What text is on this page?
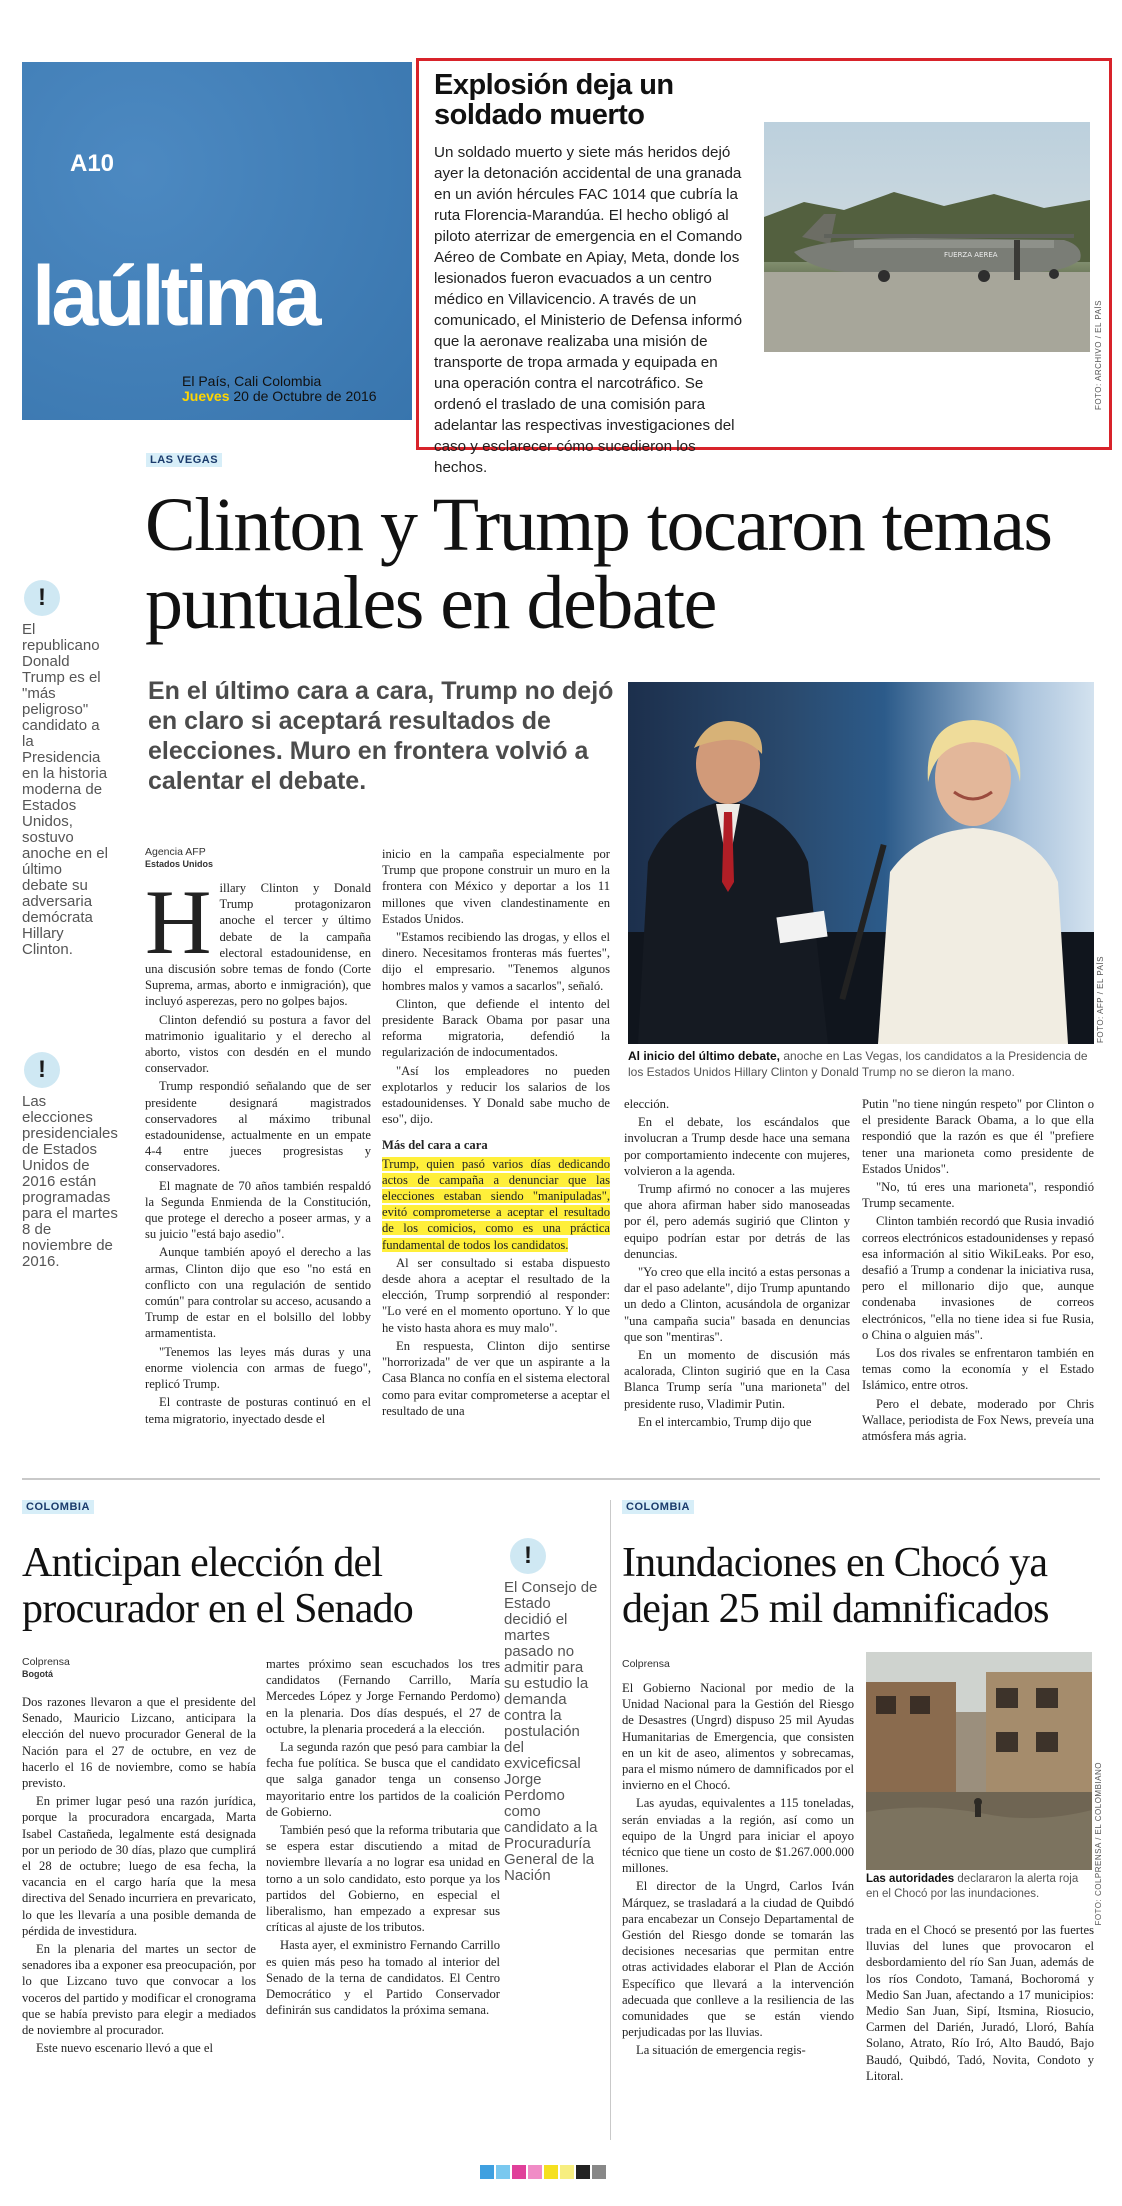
A10
laúltima
El País, Cali Colombia
Jueves 20 de Octubre de 2016
Explosión deja un soldado muerto
Un soldado muerto y siete más heridos dejó ayer la detonación accidental de una granada en un avión hércules FAC 1014 que cubría la ruta Florencia-Marandúa. El hecho obligó al piloto aterrizar de emergencia en el Comando Aéreo de Combate en Apiay, Meta, donde los lesionados fueron evacuados a un centro médico en Villavicencio. A través de un comunicado, el Ministerio de Defensa informó que la aeronave realizaba una misión de transporte de tropa armada y equipada en una operación contra el narcotráfico. Se ordenó el traslado de una comisión para adelantar las respectivas investigaciones del caso y esclarecer cómo sucedieron los hechos.
FUERZA AEREA
FOTO: ARCHIVO / EL PAÍS
LAS VEGAS
Clinton y Trump tocaron temas puntuales en debate
!
El republicano Donald Trump es el "más peligroso" candidato a la Presidencia en la historia moderna de Estados Unidos, sostuvo anoche en el último debate su adversaria demócrata Hillary Clinton.
!
Las elecciones presidenciales de Estados Unidos de 2016 están programadas para el martes 8 de noviembre de 2016.
En el último cara a cara, Trump no dejó en claro si aceptará resultados de elecciones. Muro en frontera volvió a calentar el debate.
FOTO: AFP / EL PAÍS
Al inicio del último debate, anoche en Las Vegas, los candidatos a la Presidencia de los Estados Unidos Hillary Clinton y Donald Trump no se dieron la mano.
Agencia AFP
Estados Unidos
H illary Clinton y Donald Trump protagonizaron anoche el tercer y último debate de la campaña electoral estadounidense, en una discusión sobre temas de fondo (Corte Suprema, armas, aborto e inmigración), que incluyó asperezas, pero no golpes bajos.

Clinton defendió su postura a favor del matrimonio igualitario y el derecho al aborto, vistos con desdén en el mundo conservador.

Trump respondió señalando que de ser presidente designará magistrados conservadores al máximo tribunal estadounidense, actualmente en un empate 4-4 entre jueces progresistas y conservadores.

El magnate de 70 años también respaldó la Segunda Enmienda de la Constitución, que protege el derecho a poseer armas, y a su juicio "está bajo asedio".

Aunque también apoyó el derecho a las armas, Clinton dijo que eso "no está en conflicto con una regulación de sentido común" para controlar su acceso, acusando a Trump de estar en el bolsillo del lobby armamentista.

"Tenemos las leyes más duras y una enorme violencia con armas de fuego", replicó Trump.

El contraste de posturas continuó en el tema migratorio, inyectado desde el

inicio en la campaña especialmente por Trump que propone construir un muro en la frontera con México y deportar a los 11 millones que viven clandestinamente en Estados Unidos.

"Estamos recibiendo las drogas, y ellos el dinero. Necesitamos fronteras más fuertes", dijo el empresario. "Tenemos algunos hombres malos y vamos a sacarlos", señaló.

Clinton, que defiende el intento del presidente Barack Obama por pasar una reforma migratoria, defendió la regularización de indocumentados.

"Así los empleadores no pueden explotarlos y reducir los salarios de los estadounidenses. Y Donald sabe mucho de eso", dijo.

Más del cara a cara

Trump, quien pasó varios días dedicando actos de campaña a denunciar que las elecciones estaban siendo "manipuladas", evitó comprometerse a aceptar el resultado de los comicios, como es una práctica fundamental de todos los candidatos.

Al ser consultado si estaba dispuesto desde ahora a aceptar el resultado de la elección, Trump sorprendió al responder: "Lo veré en el momento oportuno. Y lo que he visto hasta ahora es muy malo".

En respuesta, Clinton dijo sentirse "horrorizada" de ver que un aspirante a la Casa Blanca no confía en el sistema electoral como para evitar comprometerse a aceptar el resultado de una

elección.

En el debate, los escándalos que involucran a Trump desde hace una semana por comportamiento indecente con mujeres, volvieron a la agenda.

Trump afirmó no conocer a las mujeres que ahora afirman haber sido manoseadas por él, pero además sugirió que Clinton y equipo podrían estar por detrás de las denuncias.

"Yo creo que ella incitó a estas personas a dar el paso adelante", dijo Trump apuntando un dedo a Clinton, acusándola de organizar "una campaña sucia" basada en denuncias que son "mentiras".

En un momento de discusión más acalorada, Clinton sugirió que en la Casa Blanca Trump sería "una marioneta" del presidente ruso, Vladimir Putin.

En el intercambio, Trump dijo que

Putin "no tiene ningún respeto" por Clinton o el presidente Barack Obama, a lo que ella respondió que la razón es que él "prefiere tener una marioneta como presidente de Estados Unidos".

"No, tú eres una marioneta", respondió Trump secamente.

Clinton también recordó que Rusia invadió correos electrónicos estadounidenses y repasó esa información al sitio WikiLeaks. Por eso, desafió a Trump a condenar la iniciativa rusa, pero el millonario dijo que, aunque condenaba invasiones de correos electrónicos, "ella no tiene idea si fue Rusia, o China o alguien más".

Los dos rivales se enfrentaron también en temas como la economía y el Estado Islámico, entre otros.

Pero el debate, moderado por Chris Wallace, periodista de Fox News, preveía una atmósfera más agria.

COLOMBIA
Anticipan elección del procurador en el Senado
Colprensa
Bogotá

Dos razones llevaron a que el presidente del Senado, Mauricio Lizcano, anticipara la elección del nuevo procurador General de la Nación para el 27 de octubre, en vez de hacerlo el 16 de noviembre, como se había previsto.

En primer lugar pesó una razón jurídica, porque la procuradora encargada, Marta Isabel Castañeda, legalmente está designada por un periodo de 30 días, plazo que cumplirá el 28 de octubre; luego de esa fecha, la vacancia en el cargo haría que la mesa directiva del Senado incurriera en prevaricato, lo que les llevaría a una posible demanda de pérdida de investidura.

En la plenaria del martes un sector de senadores iba a exponer esa preocupación, por lo que Lizcano tuvo que convocar a los voceros del partido y modificar el cronograma que se había previsto para elegir a mediados de noviembre al procurador.

Este nuevo escenario llevó a que el

martes próximo sean escuchados los tres candidatos (Fernando Carrillo, María Mercedes López y Jorge Fernando Perdomo) en la plenaria. Dos días después, el 27 de octubre, la plenaria procederá a la elección.

La segunda razón que pesó para cambiar la fecha fue política. Se busca que el candidato que salga ganador tenga un consenso mayoritario entre los partidos de la coalición de Gobierno.

También pesó que la reforma tributaria que se espera estar discutiendo a mitad de noviembre llevaría a no lograr esa unidad en torno a un solo candidato, esto porque ya los partidos del Gobierno, en especial el liberalismo, han empezado a expresar sus críticas al ajuste de los tributos.

Hasta ayer, el exministro Fernando Carrillo es quien más peso ha tomado al interior del Senado de la terna de candidatos. El Centro Democrático y el Partido Conservador definirán sus candidatos la próxima semana.

!
El Consejo de Estado decidió el martes pasado no admitir para su estudio la demanda contra la postulación del exviceficsal Jorge Perdomo como candidato a la Procuraduría General de la Nación
COLOMBIA
Inundaciones en Chocó ya dejan 25 mil damnificados
Colprensa

El Gobierno Nacional por medio de la Unidad Nacional para la Gestión del Riesgo de Desastres (Ungrd) dispuso 25 mil Ayudas Humanitarias de Emergencia, que consisten en un kit de aseo, alimentos y sobrecamas, para el mismo número de damnificados por el invierno en el Chocó.

Las ayudas, equivalentes a 115 toneladas, serán enviadas a la región, así como un equipo de la Ungrd para iniciar el apoyo técnico que tiene un costo de $1.267.000.000 millones.

El director de la Ungrd, Carlos Iván Márquez, se trasladará a la ciudad de Quibdó para encabezar un Consejo Departamental de Gestión del Riesgo donde se tomarán las decisiones necesarias que permitan entre otras actividades elaborar el Plan de Acción Específico que llevará a la intervención adecuada que conlleve a la resiliencia de las comunidades que se están viendo perjudicadas por las lluvias.

La situación de emergencia regis-

FOTO: COLPRENSA / EL COLOMBIANO
Las autoridades declararon la alerta roja en el Chocó por las inundaciones.

trada en el Chocó se presentó por las fuertes lluvias del lunes que provocaron el desbordamiento del río San Juan, además de los ríos Condoto, Tamaná, Bochoromá y Medio San Juan, afectando a 17 municipios: Medio San Juan, Sipí, Itsmina, Riosucio, Carmen del Darién, Juradó, Lloró, Bahía Solano, Atrato, Río Iró, Alto Baudó, Bajo Baudó, Quibdó, Tadó, Novita, Condoto y Litoral.
